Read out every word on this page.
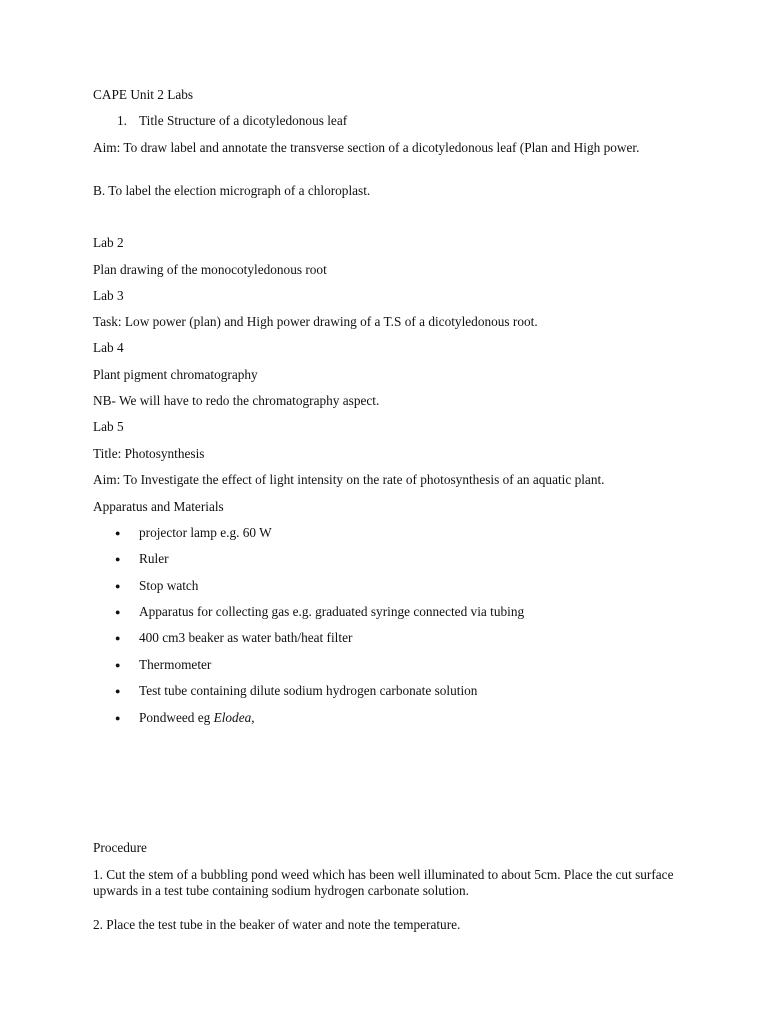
CAPE Unit 2 Labs
1. Title Structure of a dicotyledonous leaf
Aim: To draw label and annotate the transverse section of a dicotyledonous leaf (Plan and High power.
B. To label the election micrograph of a chloroplast.
Lab 2
Plan drawing of the monocotyledonous root
Lab 3
Task: Low power (plan) and High power drawing of a T.S of a dicotyledonous root.
Lab 4
Plant pigment chromatography
NB- We will have to redo the chromatography aspect.
Lab 5
Title: Photosynthesis
Aim: To Investigate the effect of light intensity on the rate of photosynthesis of an aquatic plant.
Apparatus and Materials
● projector lamp e.g. 60 W
● Ruler
● Stop watch
● Apparatus for collecting gas e.g. graduated syringe connected via tubing
● 400 cm3 beaker as water bath/heat filter
● Thermometer
● Test tube containing dilute sodium hydrogen carbonate solution
● Pondweed eg Elodea,
Procedure
1. Cut the stem of a bubbling pond weed which has been well illuminated to about 5cm. Place the cut surface upwards in a test tube containing sodium hydrogen carbonate solution.
2. Place the test tube in the beaker of water and note the temperature.
